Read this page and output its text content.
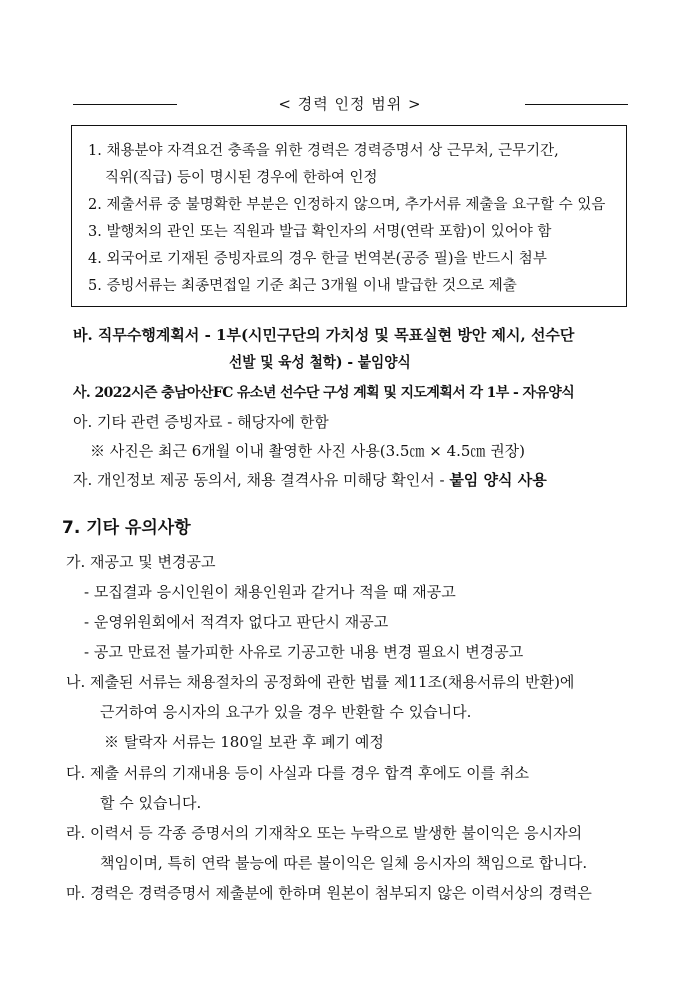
< 경력 인정 범위 >
1. 채용분야 자격요건 충족을 위한 경력은 경력증명서 상 근무처, 근무기간,
직위(직급) 등이 명시된 경우에 한하여 인정
2. 제출서류 중 불명확한 부분은 인정하지 않으며, 추가서류 제출을 요구할 수 있음
3. 발행처의 관인 또는 직원과 발급 확인자의 서명(연락 포함)이 있어야 함
4. 외국어로 기재된 증빙자료의 경우 한글 번역본(공증 필)을 반드시 첨부
5. 증빙서류는 최종면접일 기준 최근 3개월 이내 발급한 것으로 제출
바. 직무수행계획서 - 1부(시민구단의 가치성 및 목표실현 방안 제시, 선수단
선발 및 육성 철학) - 붙임양식
사. 2022시즌 충남아산FC 유소년 선수단 구성 계획 및 지도계획서 각 1부 - 자유양식
아. 기타 관련 증빙자료 - 해당자에 한함
※ 사진은 최근 6개월 이내 촬영한 사진 사용(3.5㎝ × 4.5㎝ 권장)
자. 개인정보 제공 동의서, 채용 결격사유 미해당 확인서 - 붙임 양식 사용
7. 기타 유의사항
가. 재공고 및 변경공고
- 모집결과 응시인원이 채용인원과 같거나 적을 때 재공고
- 운영위원회에서 적격자 없다고 판단시 재공고
- 공고 만료전 불가피한 사유로 기공고한 내용 변경 필요시 변경공고
나. 제출된 서류는 채용절차의 공정화에 관한 법률 제11조(채용서류의 반환)에
근거하여 응시자의 요구가 있을 경우 반환할 수 있습니다.
※ 탈락자 서류는 180일 보관 후 폐기 예정
다. 제출 서류의 기재내용 등이 사실과 다를 경우 합격 후에도 이를 취소
할 수 있습니다.
라. 이력서 등 각종 증명서의 기재착오 또는 누락으로 발생한 불이익은 응시자의
책임이며, 특히 연락 불능에 따른 불이익은 일체 응시자의 책임으로 합니다.
마. 경력은 경력증명서 제출분에 한하며 원본이 첨부되지 않은 이력서상의 경력은
